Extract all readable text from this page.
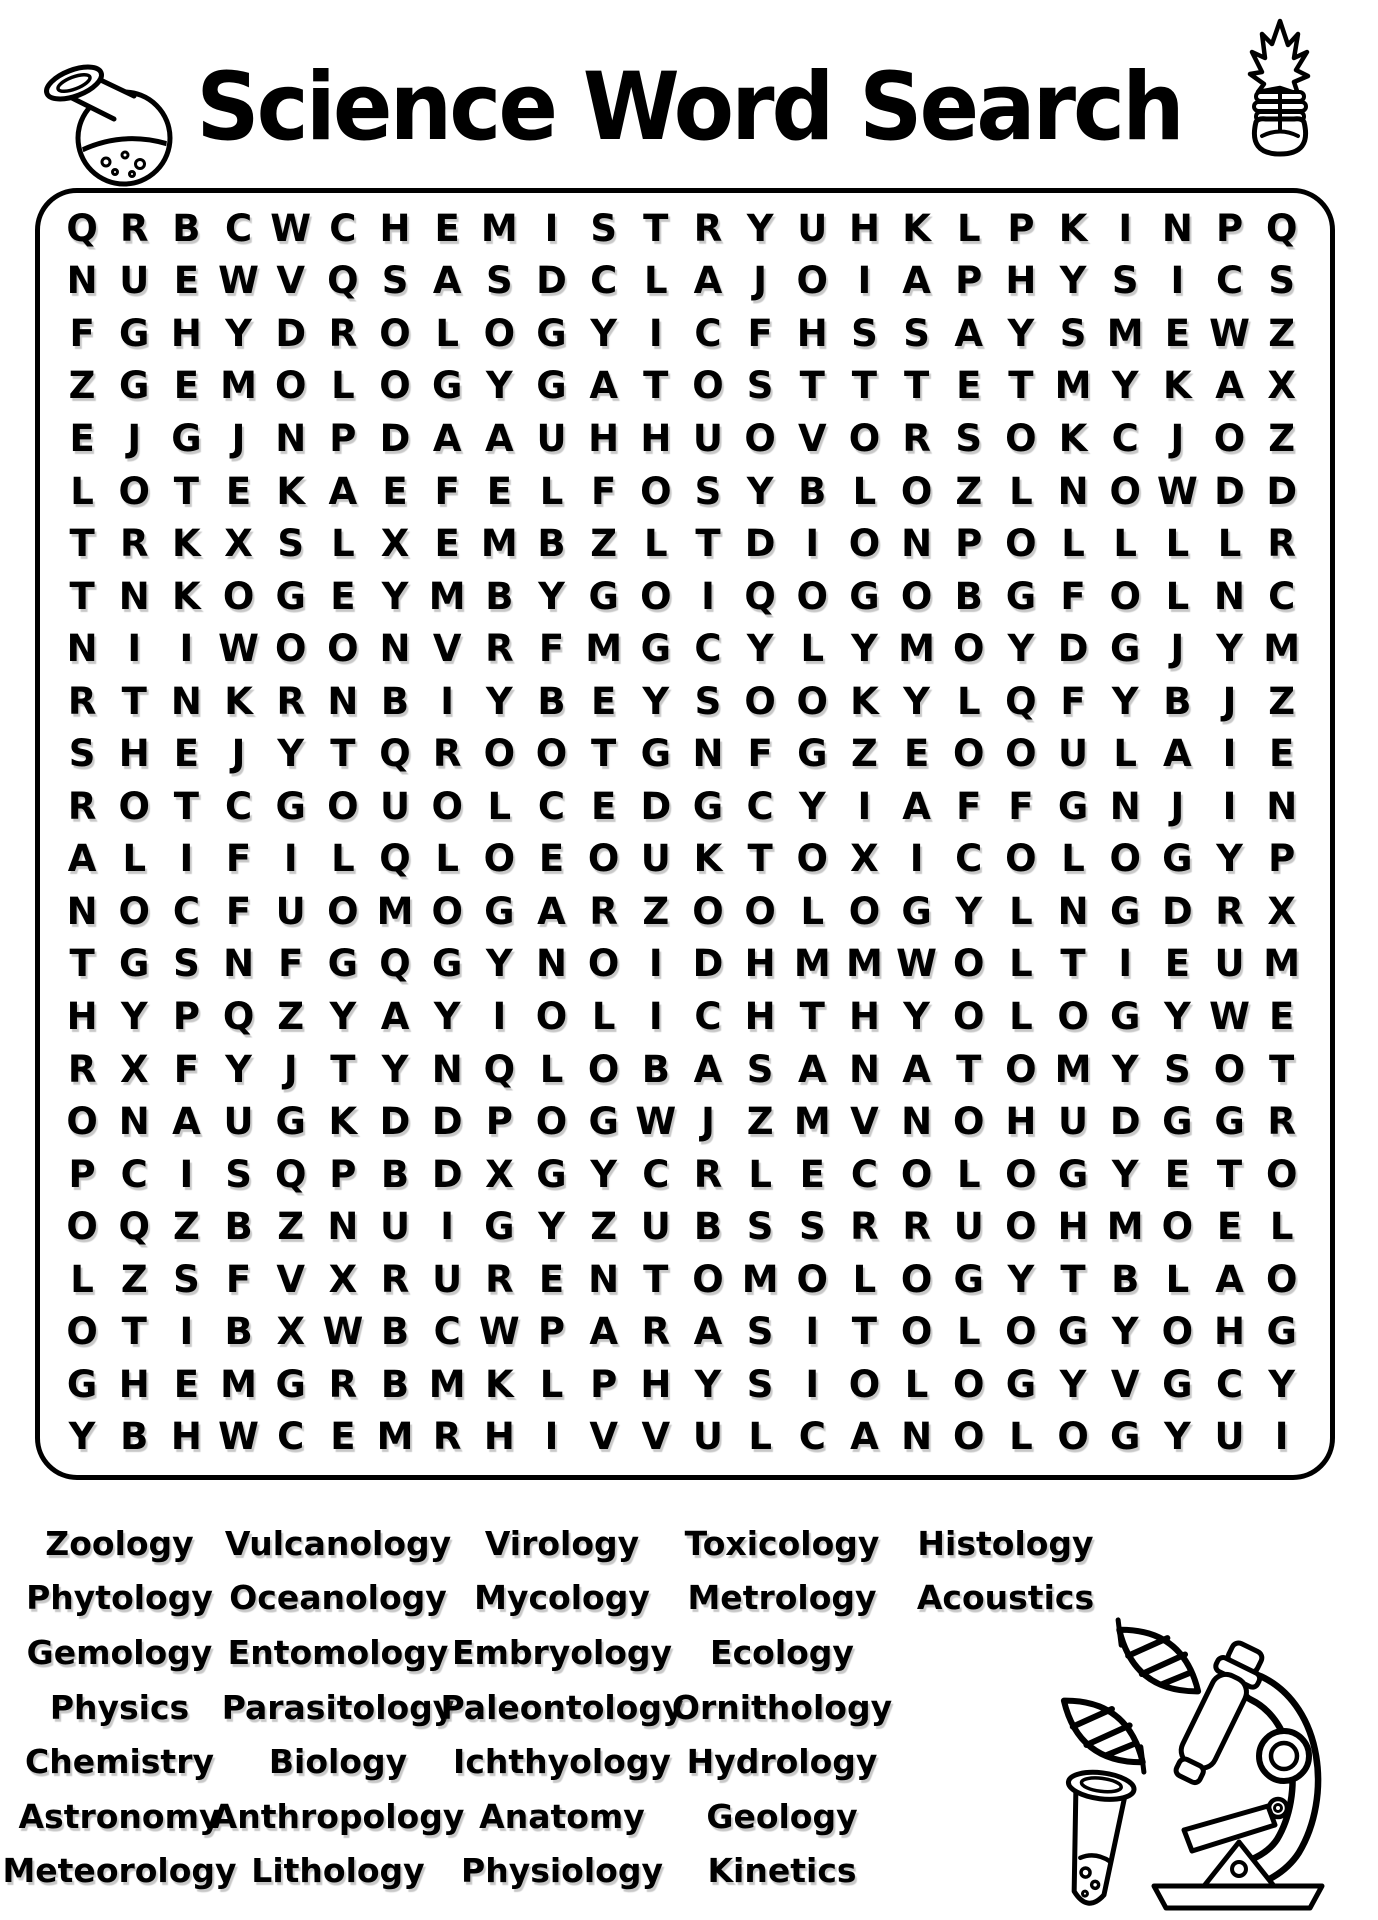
Science Word Search
Q R B C W C H E M I S T R Y U H K L P K I N P Q
N U E W V Q S A S D C L A J O I A P H Y S I C S
F G H Y D R O L O G Y I C F H S S A Y S M E W Z
Z G E M O L O G Y G A T O S T T T E T M Y K A X
E J G J N P D A A U H H U O V O R S O K C J O Z
L O T E K A E F E L F O S Y B L O Z L N O W D D
T R K X S L X E M B Z L T D I O N P O L L L L R
T N K O G E Y M B Y G O I Q O G O B G F O L N C
N I	I W O O N V R F M G C Y L Y M O Y D G J Y M
R T N K R N B I Y B E Y S O O K Y L Q F Y B J Z
S H E J Y T Q R O O T G N F G Z E O O U L A I E
R O T C G O U O L C E D G C Y I A F F G N J	I N
A L I F I L Q L O E O U K T O X I C O L O G Y P
N O C F U O M O G A R Z O O L O G Y L N G D R X
T G S N F G Q G Y N O I D H M M W O L T I E U M
H Y P Q Z Y A Y I O L I C H T H Y O L O G Y W E
R X F Y J T Y N Q L O B A S A N A T O M Y S O T
O N A U G K D D P O G W J Z M V N O H U D G G R
P C I S Q P B D X G Y C R L E C O L O G Y E T O
O Q Z B Z N U I G Y Z U B S S R R U O H M O E L
L Z S F V X R U R E N T O M O L O G Y T B L A O
O T I B X W B C W P A R A S I T O L O G Y O H G
G H E M G R B M K L P H Y S I O L O G Y V G C Y
Y B H W C E M R H I V V U L C A N O L O G Y U I
Zoology
Phytology
Gemology
Physics
Chemistry
Astronomy
Meteorology
Vulcanology
Oceanology
Entomology
Parasitology
Biology
Anthropology
Lithology
Virology
Mycology
Embryology
Paleontology
Ichthyology
Anatomy
Physiology
Toxicology
Metrology
Ecology
Ornithology
Hydrology
Geology
Kinetics
Histology
Acoustics
